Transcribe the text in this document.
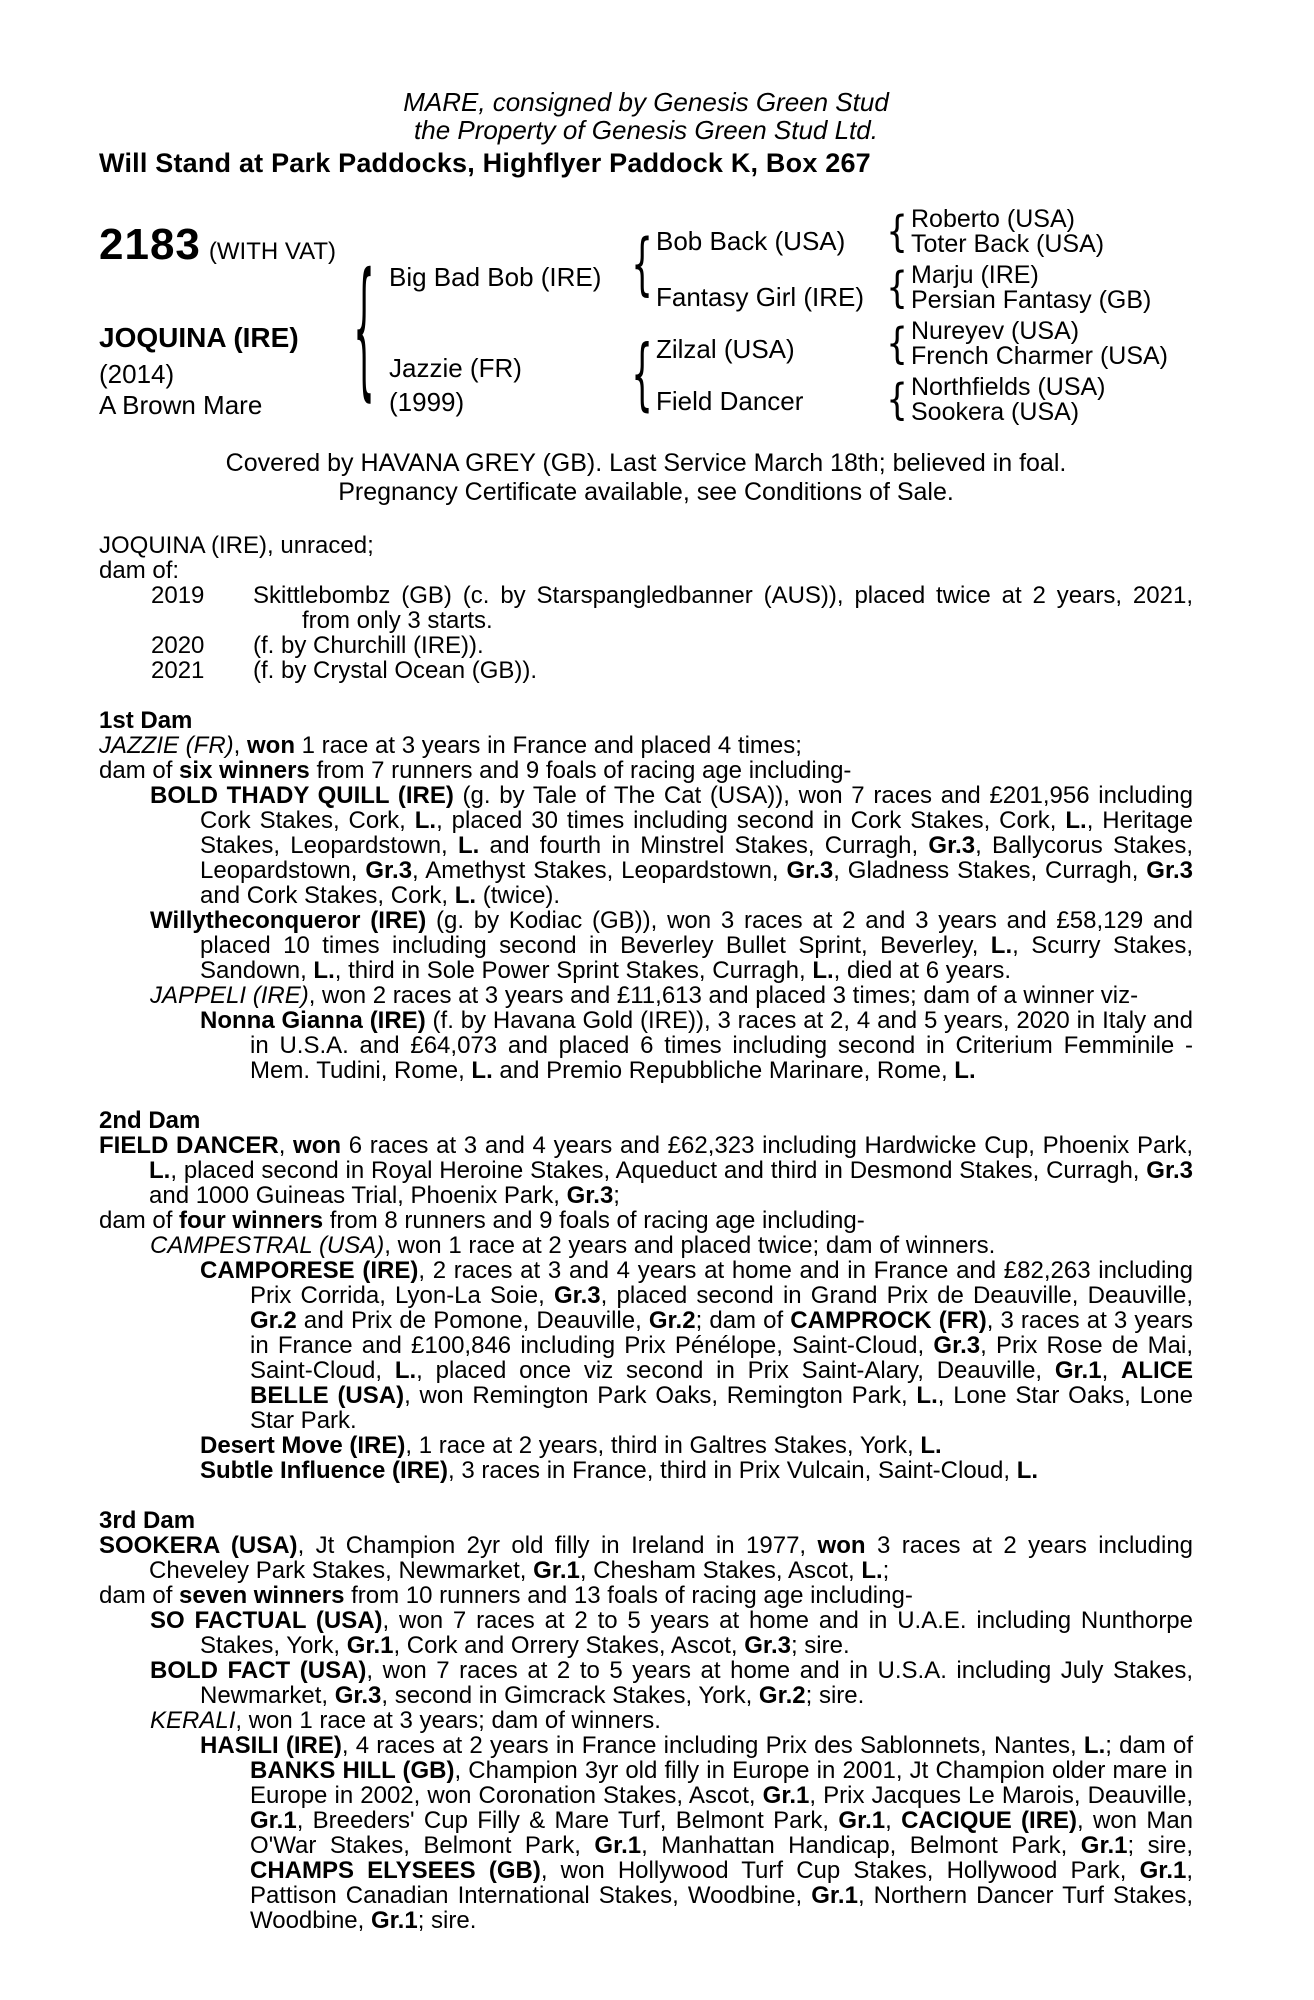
MARE, consigned by Genesis Green Stud
the Property of Genesis Green Stud Ltd.
Will Stand at Park Paddocks, Highflyer Paddock K, Box 267
2183 (WITH VAT)
JOQUINA (IRE)
(2014)
A Brown Mare	{ Big Bad Bob (IRE)
Jazzie (FR)
(1999)
{ Bob Back (USA)
Fantasy Girl (IRE)
{ Zilzal (USA)
Field Dancer
{ Roberto (USA)
Toter Back (USA)
{ Marju (IRE)
Persian Fantasy (GB)
{ Nureyev (USA)
French Charmer (USA)
{ Northfields (USA)
Sookera (USA)
Covered by HAVANA GREY (GB). Last Service March 18th; believed in foal.
Pregnancy Certificate available, see Conditions of Sale.
JOQUINA (IRE), unraced;
dam of:
2019 Skittlebombz (GB) (c. by Starspangledbanner (AUS)), placed twice at 2 years, 2021, from only 3 starts.
2020 (f. by Churchill (IRE)).
2021 (f. by Crystal Ocean (GB)).
1st Dam

JAZZIE (FR), won 1 race at 3 years in France and placed 4 times;

dam of six winners from 7 runners and 9 foals of racing age including-

BOLD THADY QUILL (IRE) (g. by Tale of The Cat (USA)), won 7 races and £201,956 including Cork Stakes, Cork, L., placed 30 times including second in Cork Stakes, Cork, L., Heritage Stakes, Leopardstown, L. and fourth in Minstrel Stakes, Curragh, Gr.3, Ballycorus Stakes, Leopardstown, Gr.3, Amethyst Stakes, Leopardstown, Gr.3, Gladness Stakes, Curragh, Gr.3 and Cork Stakes, Cork, L. (twice).

Willytheconqueror (IRE) (g. by Kodiac (GB)), won 3 races at 2 and 3 years and £58,129 and placed 10 times including second in Beverley Bullet Sprint, Beverley, L., Scurry Stakes, Sandown, L., third in Sole Power Sprint Stakes, Curragh, L., died at 6 years.

JAPPELI (IRE), won 2 races at 3 years and £11,613 and placed 3 times; dam of a winner viz-

Nonna Gianna (IRE) (f. by Havana Gold (IRE)), 3 races at 2, 4 and 5 years, 2020 in Italy and in U.S.A. and £64,073 and placed 6 times including second in Criterium Femminile - Mem. Tudini, Rome, L. and Premio Repubbliche Marinare, Rome, L.

2nd Dam

FIELD DANCER, won 6 races at 3 and 4 years and £62,323 including Hardwicke Cup, Phoenix Park, L., placed second in Royal Heroine Stakes, Aqueduct and third in Desmond Stakes, Curragh, Gr.3 and 1000 Guineas Trial, Phoenix Park, Gr.3;

dam of four winners from 8 runners and 9 foals of racing age including-

CAMPESTRAL (USA), won 1 race at 2 years and placed twice; dam of winners.

CAMPORESE (IRE), 2 races at 3 and 4 years at home and in France and £82,263 including Prix Corrida, Lyon-La Soie, Gr.3, placed second in Grand Prix de Deauville, Deauville, Gr.2 and Prix de Pomone, Deauville, Gr.2; dam of CAMPROCK (FR), 3 races at 3 years in France and £100,846 including Prix Pénélope, Saint-Cloud, Gr.3, Prix Rose de Mai, Saint-Cloud, L., placed once viz second in Prix Saint-Alary, Deauville, Gr.1, ALICE BELLE (USA), won Remington Park Oaks, Remington Park, L., Lone Star Oaks, Lone Star Park.

Desert Move (IRE), 1 race at 2 years, third in Galtres Stakes, York, L.

Subtle Influence (IRE), 3 races in France, third in Prix Vulcain, Saint-Cloud, L.

3rd Dam

SOOKERA (USA), Jt Champion 2yr old filly in Ireland in 1977, won 3 races at 2 years including Cheveley Park Stakes, Newmarket, Gr.1, Chesham Stakes, Ascot, L.;

dam of seven winners from 10 runners and 13 foals of racing age including-

SO FACTUAL (USA), won 7 races at 2 to 5 years at home and in U.A.E. including Nunthorpe Stakes, York, Gr.1, Cork and Orrery Stakes, Ascot, Gr.3; sire.

BOLD FACT (USA), won 7 races at 2 to 5 years at home and in U.S.A. including July Stakes, Newmarket, Gr.3, second in Gimcrack Stakes, York, Gr.2; sire.

KERALI, won 1 race at 3 years; dam of winners.

HASILI (IRE), 4 races at 2 years in France including Prix des Sablonnets, Nantes, L.; dam of BANKS HILL (GB), Champion 3yr old filly in Europe in 2001, Jt Champion older mare in Europe in 2002, won Coronation Stakes, Ascot, Gr.1, Prix Jacques Le Marois, Deauville, Gr.1, Breeders' Cup Filly & Mare Turf, Belmont Park, Gr.1, CACIQUE (IRE), won Man O'War Stakes, Belmont Park, Gr.1, Manhattan Handicap, Belmont Park, Gr.1; sire, CHAMPS ELYSEES (GB), won Hollywood Turf Cup Stakes, Hollywood Park, Gr.1, Pattison Canadian International Stakes, Woodbine, Gr.1, Northern Dancer Turf Stakes, Woodbine, Gr.1; sire.
